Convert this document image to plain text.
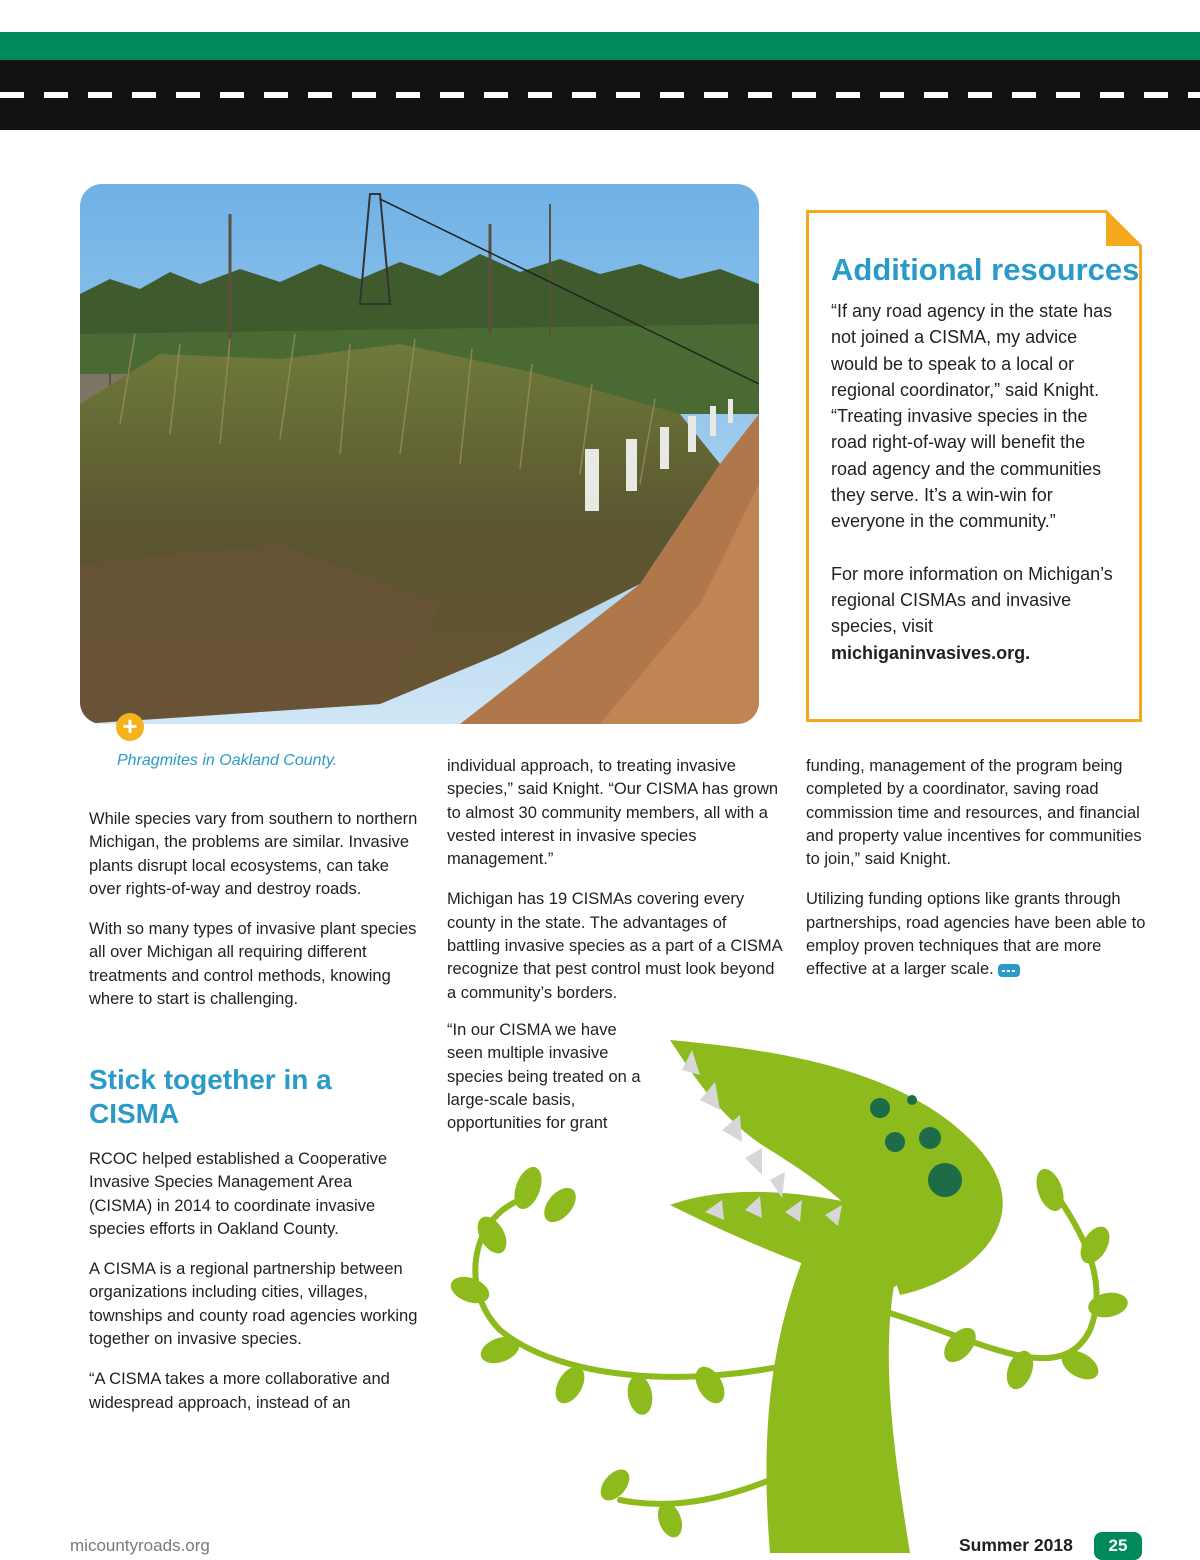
+
Phragmites in Oakland County.

While species vary from southern to northern Michigan, the problems are similar. Invasive plants disrupt local ecosystems, can take over rights-of-way and destroy roads.

With so many types of invasive plant species all over Michigan all requiring different treatments and control methods, knowing where to start is challenging.

Stick together in a CISMA

RCOC helped established a Cooperative Invasive Species Management Area (CISMA) in 2014 to coordinate invasive species efforts in Oakland County.

A CISMA is a regional partnership between organizations including cities, villages, townships and county road agencies working together on invasive species.

“A CISMA takes a more collaborative and widespread approach, instead of an

individual approach, to treating invasive species,” said Knight. “Our CISMA has grown to almost 30 community members, all with a vested interest in invasive species management.”

Michigan has 19 CISMAs covering every county in the state. The advantages of battling invasive species as a part of a CISMA recognize that pest control must look beyond a community’s borders.

“In our CISMA we have seen multiple invasive species being treated on a large-scale basis, opportunities for grant

funding, management of the program being completed by a coordinator, saving road commission time and resources, and financial and property value incentives for communities to join,” said Knight.

Utilizing funding options like grants through partnerships, road agencies have been able to employ proven techniques that are more effective at a larger scale.

Additional resources

“If any road agency in the state has not joined a CISMA, my advice would be to speak to a local or regional coordinator,” said Knight. “Treating invasive species in the road right-of-way will benefit the road agency and the communities they serve. It’s a win-win for everyone in the community.”

For more information on Michigan’s regional CISMAs and invasive species, visit michiganinvasives.org.

micountyroads.org	Summer 2018	25
